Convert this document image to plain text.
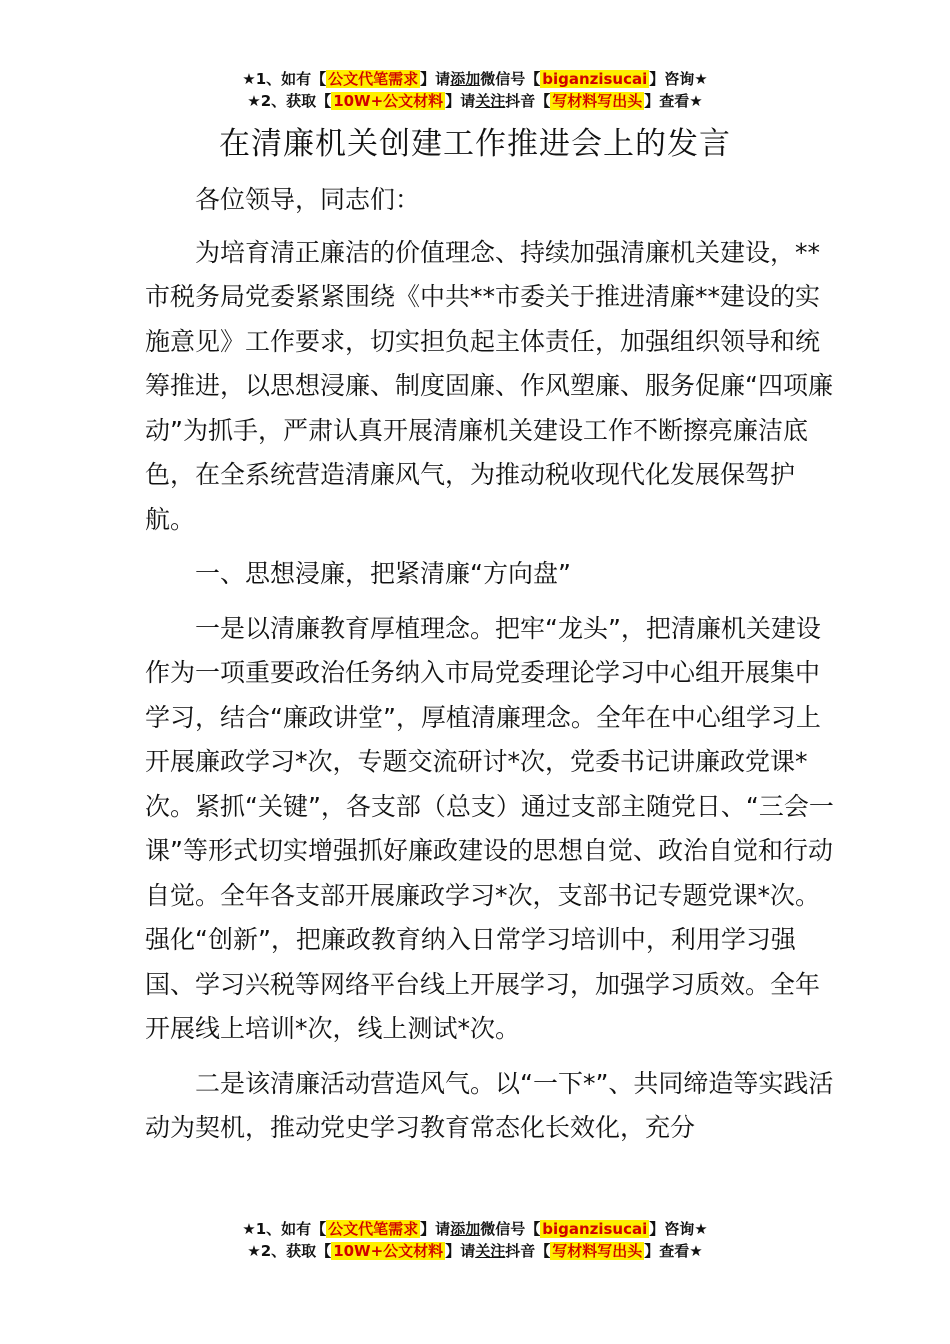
★1、如有【 公文代笔需求 】请添加微信号【 biganzisucai 】咨询★
★2、获取【 10W+公文材料 】请关注抖音【 写材料写出头 】查看★
在清廉机关创建工作推进会上的发言

各位领导，同志们：

为培育清正廉洁的价值理念、持续加强清廉机关建设，**市税务局党委紧紧围绕《中共**市委关于推进清廉**建设的实施意见》工作要求，切实担负起主体责任，加强组织领导和统筹推进，以思想浸廉、制度固廉、作风塑廉、服务促廉“四项廉动”为抓手，严肃认真开展清廉机关建设工作不断擦亮廉洁底色，在全系统营造清廉风气，为推动税收现代化发展保驾护航。

一、思想浸廉，把紧清廉“方向盘”

一是以清廉教育厚植理念。把牢“龙头”，把清廉机关建设作为一项重要政治任务纳入市局党委理论学习中心组开展集中学习，结合“廉政讲堂”，厚植清廉理念。全年在中心组学习上开展廉政学习*次，专题交流研讨*次，党委书记讲廉政党课*次。紧抓“关键”，各支部（总支）通过支部主随党日、“三会一课”等形式切实增强抓好廉政建设的思想自觉、政治自觉和行动自觉。全年各支部开展廉政学习*次，支部书记专题党课*次。强化“创新”，把廉政教育纳入日常学习培训中，利用学习强国、学习兴税等网络平台线上开展学习，加强学习质效。全年开展线上培训*次，线上测试*次。

二是该清廉活动营造风气。以“一下*”、共同缔造等实践活动为契机，推动党史学习教育常态化长效化，充分

★1、如有【 公文代笔需求 】请添加微信号【 biganzisucai 】咨询★
★2、获取【 10W+公文材料 】请关注抖音【 写材料写出头 】查看★
